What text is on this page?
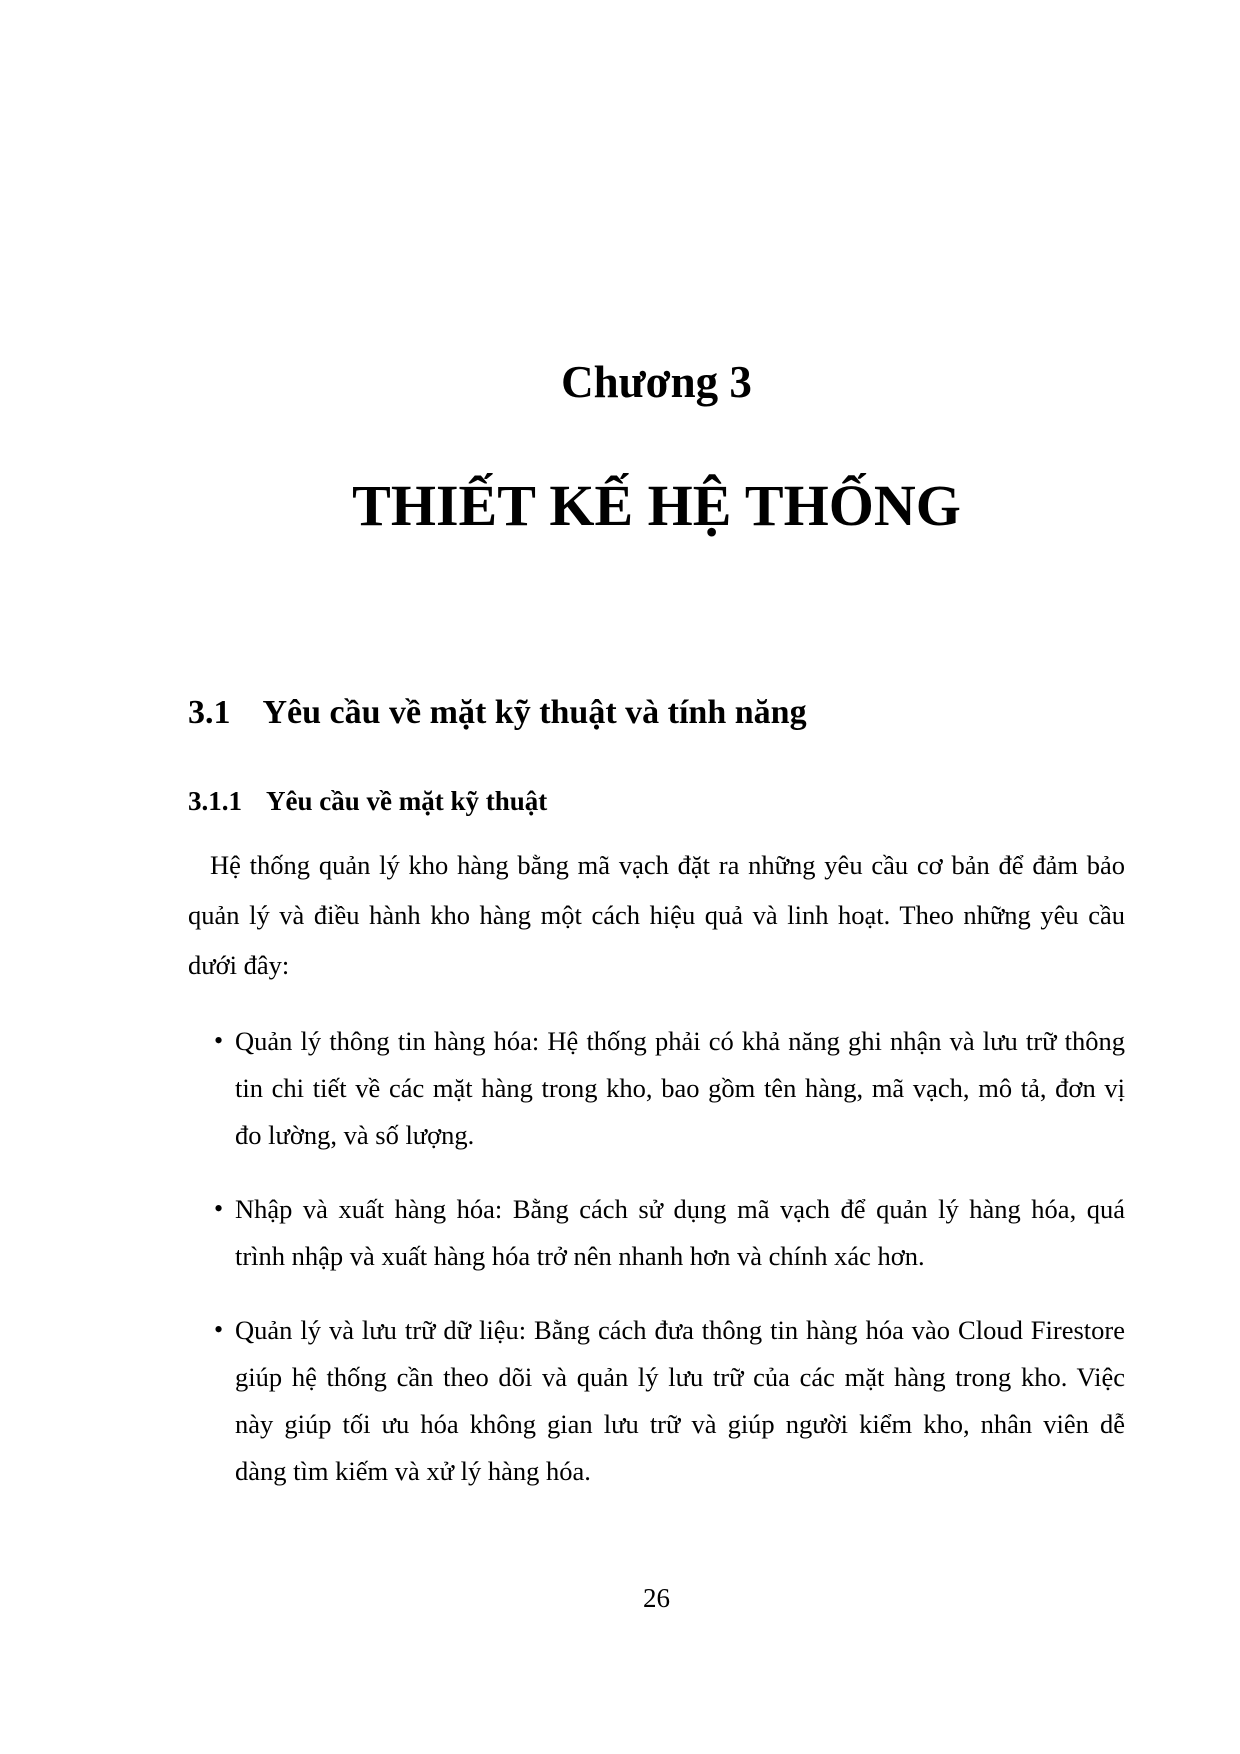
Chương 3
THIẾT KẾ HỆ THỐNG
3.1 Yêu cầu về mặt kỹ thuật và tính năng
3.1.1 Yêu cầu về mặt kỹ thuật
Hệ thống quản lý kho hàng bằng mã vạch đặt ra những yêu cầu cơ bản để đảm bảo
quản lý và điều hành kho hàng một cách hiệu quả và linh hoạt. Theo những yêu cầu
dưới đây:
• Quản lý thông tin hàng hóa: Hệ thống phải có khả năng ghi nhận và lưu trữ thông
tin chi tiết về các mặt hàng trong kho, bao gồm tên hàng, mã vạch, mô tả, đơn vị
đo lường, và số lượng.
• Nhập và xuất hàng hóa: Bằng cách sử dụng mã vạch để quản lý hàng hóa, quá
trình nhập và xuất hàng hóa trở nên nhanh hơn và chính xác hơn.
• Quản lý và lưu trữ dữ liệu: Bằng cách đưa thông tin hàng hóa vào Cloud Firestore
giúp hệ thống cần theo dõi và quản lý lưu trữ của các mặt hàng trong kho. Việc
này giúp tối ưu hóa không gian lưu trữ và giúp người kiểm kho, nhân viên dễ
dàng tìm kiếm và xử lý hàng hóa.
26
